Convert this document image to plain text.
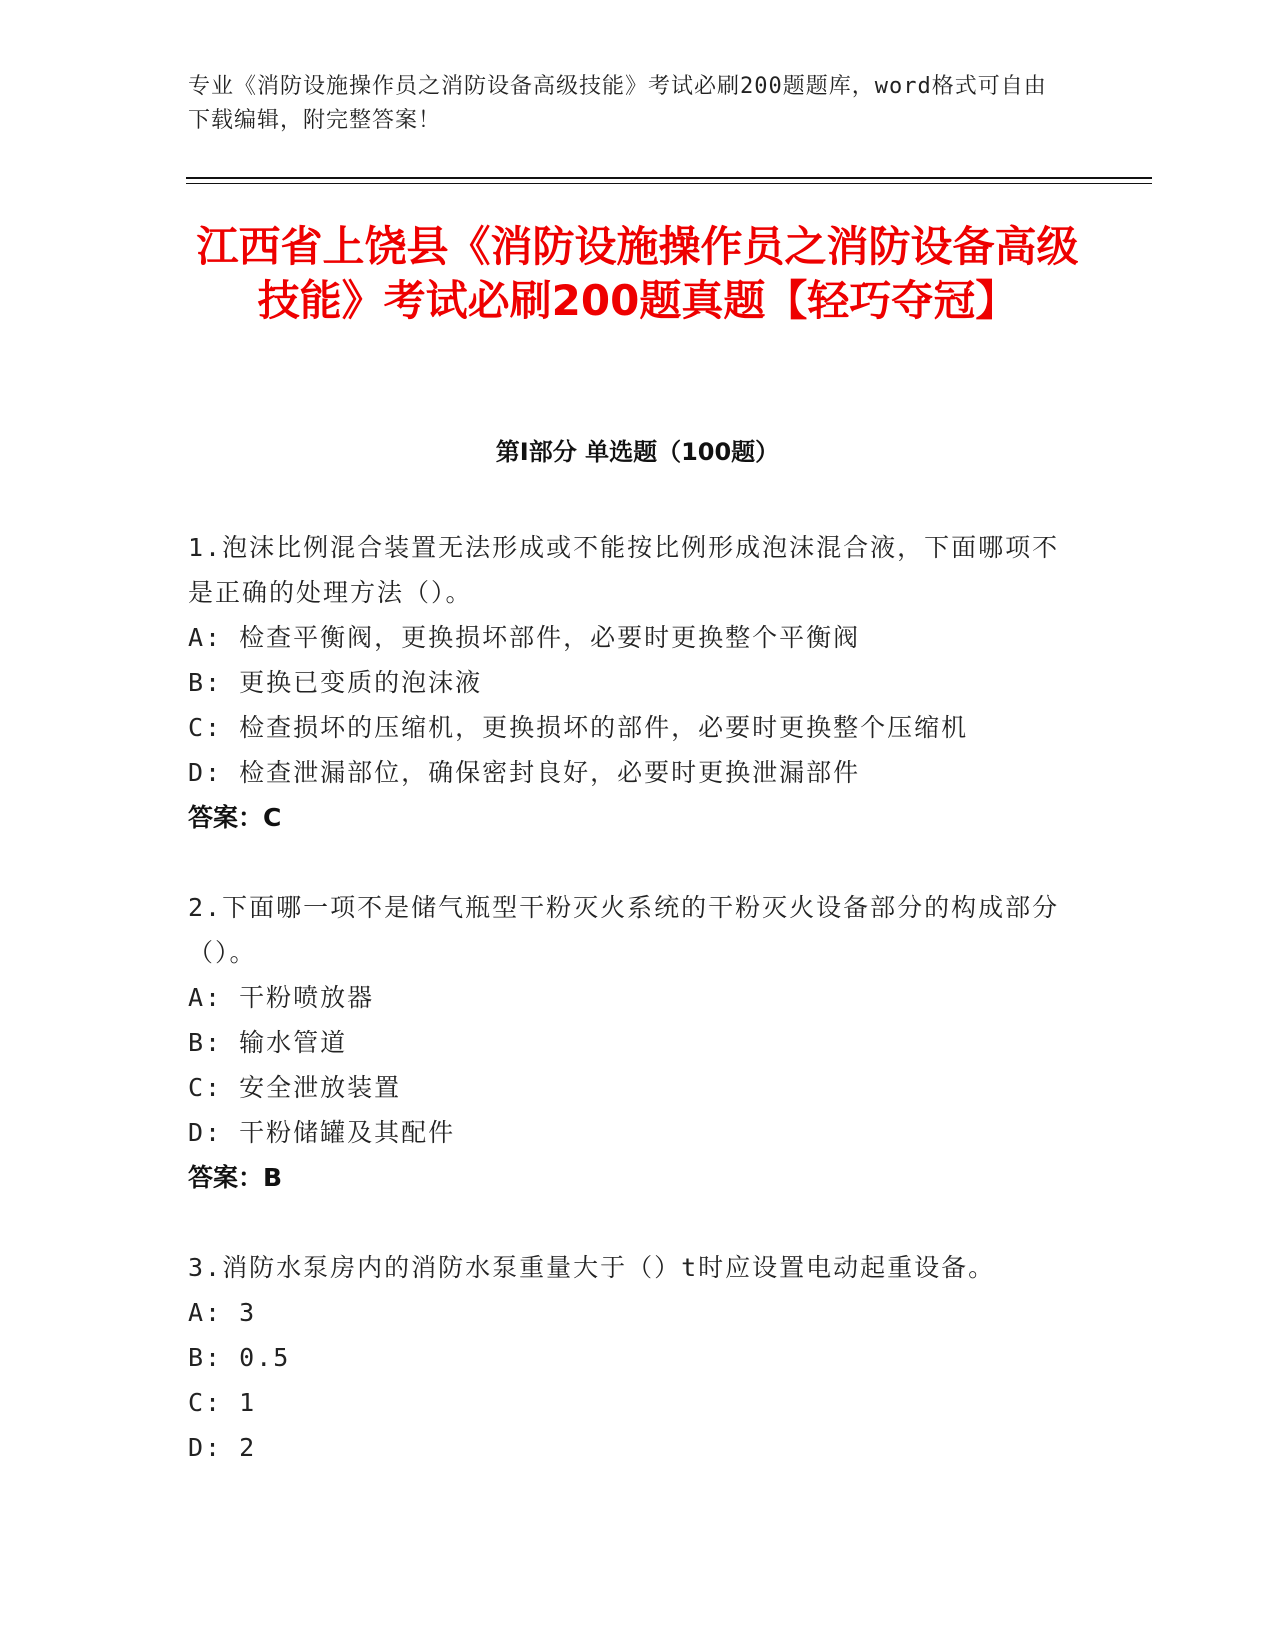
专业《消防设施操作员之消防设备高级技能》考试必刷200题题库，word格式可自由下载编辑，附完整答案！
江西省上饶县《消防设施操作员之消防设备高级技能》考试必刷200题真题【轻巧夺冠】
第I部分 单选题（100题）
1.泡沫比例混合装置无法形成或不能按比例形成泡沫混合液，下面哪项不是正确的处理方法（）。
A: 检查平衡阀，更换损坏部件，必要时更换整个平衡阀
B: 更换已变质的泡沫液
C: 检查损坏的压缩机，更换损坏的部件，必要时更换整个压缩机
D: 检查泄漏部位，确保密封良好，必要时更换泄漏部件
答案：C
2.下面哪一项不是储气瓶型干粉灭火系统的干粉灭火设备部分的构成部分（）。
A: 干粉喷放器
B: 输水管道
C: 安全泄放装置
D: 干粉储罐及其配件
答案：B
3.消防水泵房内的消防水泵重量大于（）t时应设置电动起重设备。
A: 3
B: 0.5
C: 1
D: 2
